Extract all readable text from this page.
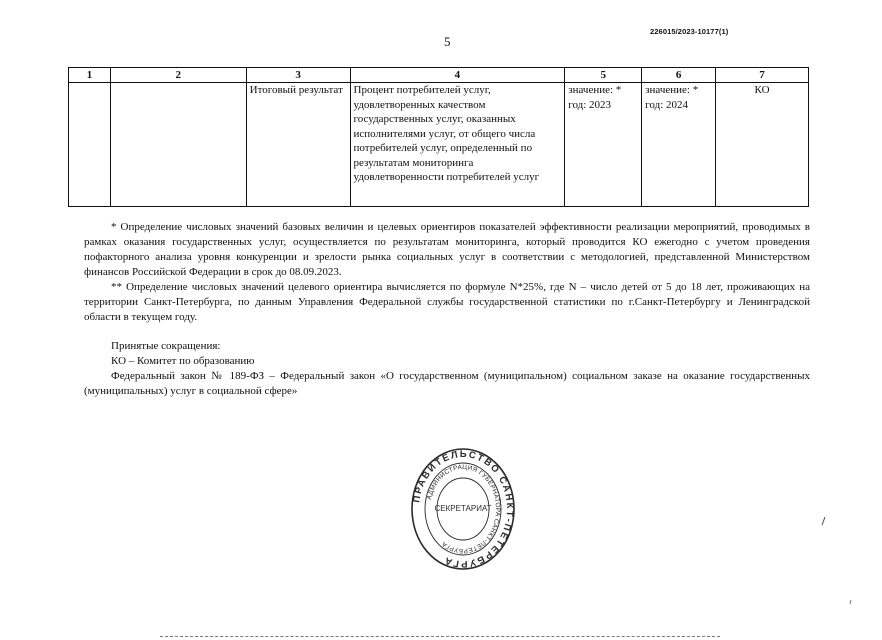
226015/2023-10177(1)
5
1	2	3	4	5	6	7
		Итоговый результат	Процент потребителей услуг, удовлетворенных качеством государственных услуг, оказанных исполнителями услуг, от общего числа потребителей услуг, определенный по результатам мониторинга удовлетворенности потребителей услуг	значение: * год: 2023	значение: * год: 2024	КО

* Определение числовых значений базовых величин и целевых ориентиров показателей эффективности реализации мероприятий, проводимых в рамках оказания государственных услуг, осуществляется по результатам мониторинга, который проводится КО ежегодно с учетом проведения пофакторного анализа уровня конкуренции и зрелости рынка социальных услуг в соответствии с методологией, представленной Министерством финансов Российской Федерации в срок до 08.09.2023.

** Определение числовых значений целевого ориентира вычисляется по формуле N*25%, где N – число детей от 5 до 18 лет, проживающих на территории Санкт-Петербурга, по данным Управления Федеральной службы государственной статистики по г.Санкт-Петербургу и Ленинградской области в текущем году.

Принятые сокращения:

КО – Комитет по образованию

Федеральный закон № 189-ФЗ – Федеральный закон «О государственном (муниципальном) социальном заказе на оказание государственных (муниципальных) услуг в социальной сфере»

ПРАВИТЕЛЬСТВО САНКТ-ПЕТЕРБУРГА
АДМИНИСТРАЦИЯ ГУБЕРНАТОРА САНКТ-ПЕТЕРБУРГА
СЕКРЕТАРИАТ
